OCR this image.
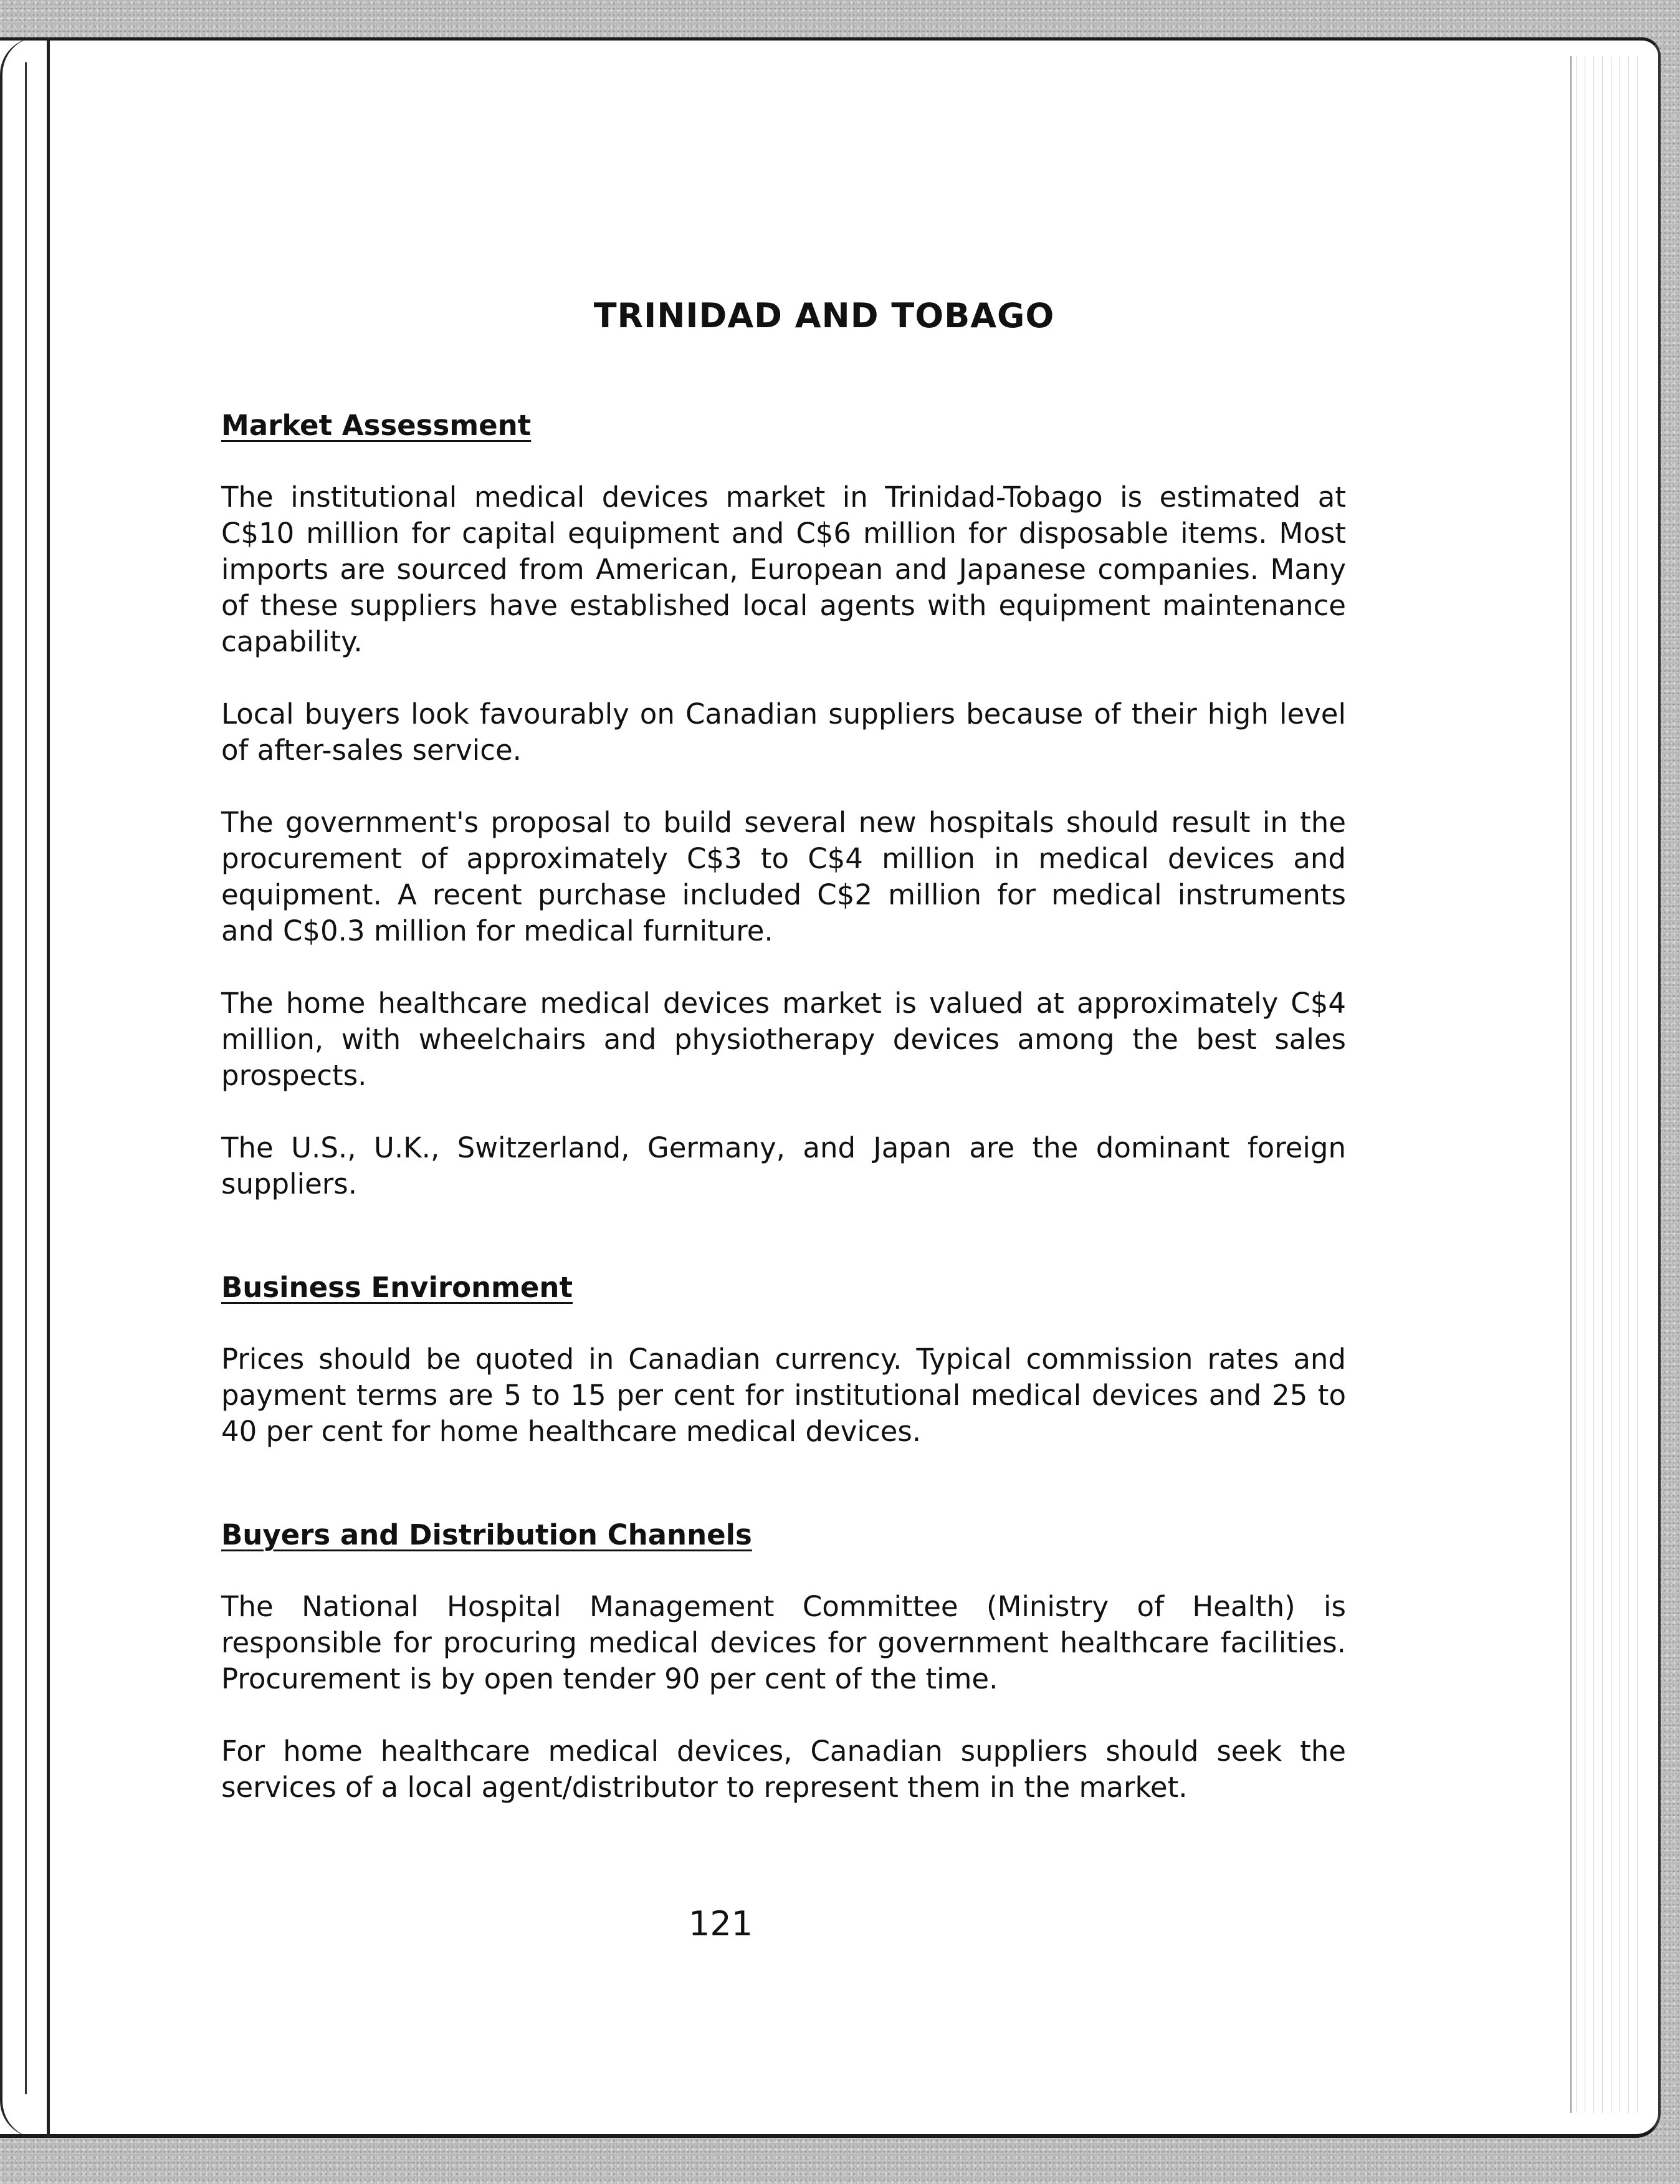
TRINIDAD AND TOBAGO
Market Assessment

The institutional medical devices market in Trinidad-Tobago is estimated at C$10 million for capital equipment and C$6 million for disposable items. Most imports are sourced from American, European and Japanese companies. Many of these suppliers have established local agents with equipment maintenance capability.

Local buyers look favourably on Canadian suppliers because of their high level of after-sales service.

The government's proposal to build several new hospitals should result in the procurement of approximately C$3 to C$4 million in medical devices and equipment. A recent purchase included C$2 million for medical instruments and C$0.3 million for medical furniture.

The home healthcare medical devices market is valued at approximately C$4 million, with wheelchairs and physiotherapy devices among the best sales prospects.

The U.S., U.K., Switzerland, Germany, and Japan are the dominant foreign suppliers.

Business Environment

Prices should be quoted in Canadian currency. Typical commission rates and payment terms are 5 to 15 per cent for institutional medical devices and 25 to 40 per cent for home healthcare medical devices.

Buyers and Distribution Channels

The National Hospital Management Committee (Ministry of Health) is responsible for procuring medical devices for government healthcare facilities. Procurement is by open tender 90 per cent of the time.

For home healthcare medical devices, Canadian suppliers should seek the services of a local agent/distributor to represent them in the market.

121
